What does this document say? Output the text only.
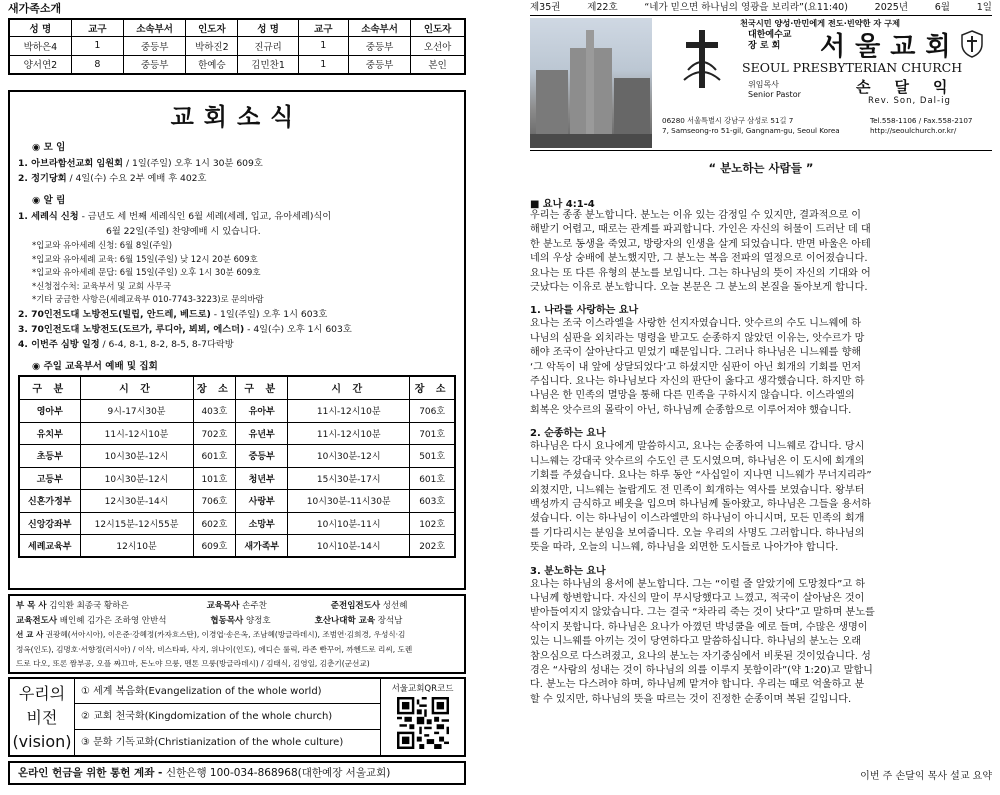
새가족소개
성 명	교구	소속부서	인도자	성 명	교구	소속부서	인도자
박하은4	1	중등부	박하진2	진규리	1	중등부	오선아
양서연2	8	중등부	한예승	김민찬1	1	중등부	본인
교회소식
◉ 모 임
1. 아브라함선교회 임원회 / 1일(주일) 오후 1시 30분 609호
2. 정기당회 / 4일(수) 수요 2부 예배 후 402호
◉ 알 림
1. 세례식 신청 - 금년도 세 번째 세례식인 6월 세례(세례, 입교, 유아세례)식이
6월 22일(주일) 찬양예배 시 있습니다.
*입교와 유아세례 신청: 6월 8일(주일)
*입교와 유아세례 교육: 6월 15일(주일) 낮 12시 20분 609호
*입교와 유아세례 문답: 6월 15일(주일) 오후 1시 30분 609호
*신청접수처: 교육부서 및 교회 사무국
*기타 궁금한 사항은(세례교육부 010-7743-3223)로 문의바람
2. 70인전도대 노방전도(빌립, 안드레, 베드로) - 1일(주일) 오후 1시 603호
3. 70인전도대 노방전도(도르가, 루디아, 뵈뵈, 에스더) - 4일(수) 오후 1시 603호
4. 이번주 심방 일정 / 6-4, 8-1, 8-2, 8-5, 8-7다락방
◉ 주일 교육부서 예배 및 집회
구 분	시 간	장 소	구 분	시 간	장 소
영아부	9시-17시30분	403호	유아부	11시-12시10분	706호
유치부	11시-12시10분	702호	유년부	11시-12시10분	701호
초등부	10시30분-12시	601호	중등부	10시30분-12시	501호
고등부	10시30분-12시	101호	청년부	15시30분-17시	601호
신혼가정부	12시30분-14시	706호	사랑부	10시30분-11시30분	603호
신앙강좌부	12시15분-12시55분	602호	소망부	10시10분-11시	102호
세례교육부	12시10분	609호	새가족부	10시10분-14시	202호
부 목 사 김익환 최종국 황하은	교육목사 손주찬	준전임전도사 성선혜
교육전도사 배인혜 김가은 조하영 안반석	협동목사 양정호	호산나대학 교육 장석남
선 교 사 권광혜(서아시아), 이은준·강혜정(카자흐스탄), 이경엽·송은옥, 조남혜(방글라데시), 조범연·김희경, 우성식·김
정옥(인도), 김명호·서향정(러시아) / 이삭, 비스타파, 사지, 위나이(인도), 에디슨 룰릭, 라존 빤꾸어, 까헨드로 리씨, 도렌
드로 다오, 또론 짬부공, 오플 짜끄마, 돈노야 므룽, 멘톤 므룽(방글라데시) / 김태식, 김영일, 김춘기(군선교)
우리의
비전
(vision)
① 세계 복음화(Evangelization of the whole world)
② 교회 천국화(Kingdomization of the whole church)
③ 문화 기독교화(Christianization of the whole culture)
서울교회QR코드
온라인 헌금을 위한 통헌 계좌 - 신한은행 100-034-868968(대한예장 서울교회)
제35권	제22호	“네가 믿으면 하나님의 영광을 보리라”(요11:40)	2025년	6월	1일
천국시민 양성·만민에게 전도·빈약한 자 구제
대한예수교
장 로 회	서울교회
SEOUL PRESBYTERIAN CHURCH
위임목사
Senior Pastor	손달익
Rev. Son, Dal-ig
06280 서울특별시 강남구 삼성로 51길 7
7, Samseong-ro 51-gil, Gangnam-gu, Seoul Korea
Tel.558-1106 / Fax.558-2107
http://seoulchurch.or.kr/
“ 분노하는 사람들 ”
■ 요나 4:1-4
우리는 종종 분노합니다. 분노는 이유 있는 감정일 수 있지만, 결과적으로 이
해받기 어렵고, 때로는 관계를 파괴합니다. 가인은 자신의 허물이 드러난 데 대
한 분노로 동생을 죽였고, 방랑자의 인생을 살게 되었습니다. 반면 바울은 아테
네의 우상 숭배에 분노했지만, 그 분노는 복음 전파의 열정으로 이어졌습니다.
요나는 또 다른 유형의 분노를 보입니다. 그는 하나님의 뜻이 자신의 기대와 어
긋났다는 이유로 분노합니다. 오늘 본문은 그 분노의 본질을 돌아보게 합니다.
1. 나라를 사랑하는 요나
요나는 조국 이스라엘을 사랑한 선지자였습니다. 앗수르의 수도 니느웨에 하
나님의 심판을 외치라는 명령을 받고도 순종하지 않았던 이유는, 앗수르가 망
해야 조국이 살아난다고 믿었기 때문입니다. 그러나 하나님은 니느웨를 향해
‘그 악독이 내 앞에 상달되었다’고 하셨지만 심판이 아닌 회개의 기회를 먼저
주십니다. 요나는 하나님보다 자신의 판단이 옳다고 생각했습니다. 하지만 하
나님은 한 민족의 멸망을 통해 다른 민족을 구하시지 않습니다. 이스라엘의
회복은 앗수르의 몰락이 아닌, 하나님께 순종함으로 이루어져야 했습니다.
2. 순종하는 요나
하나님은 다시 요나에게 말씀하시고, 요나는 순종하여 니느웨로 갑니다. 당시
니느웨는 강대국 앗수르의 수도인 큰 도시였으며, 하나님은 이 도시에 회개의
기회를 주셨습니다. 요나는 하루 동안 “사십일이 지나면 니느웨가 무너지리라”
외쳤지만, 니느웨는 놀랍게도 전 민족이 회개하는 역사를 보였습니다. 왕부터
백성까지 금식하고 베옷을 입으며 하나님께 돌아왔고, 하나님은 그들을 용서하
셨습니다. 이는 하나님이 이스라엘만의 하나님이 아니시며, 모든 민족의 회개
를 기다리시는 분임을 보여줍니다. 오늘 우리의 사명도 그러합니다. 하나님의
뜻을 따라, 오늘의 니느웨, 하나님을 외면한 도시들로 나아가야 합니다.
3. 분노하는 요나
요나는 하나님의 용서에 분노합니다. 그는 “이럴 줄 알았기에 도망쳤다”고 하
나님께 항변합니다. 자신의 말이 무시당했다고 느꼈고, 적국이 살아남은 것이
받아들여지지 않았습니다. 그는 결국 “차라리 죽는 것이 낫다”고 말하며 분노를
삭이지 못합니다. 하나님은 요나가 아꼈던 박넝쿨을 예로 들며, 수많은 생명이
있는 니느웨를 아끼는 것이 당연하다고 말씀하십니다. 하나님의 분노는 오래
참으심으로 다스려졌고, 요나의 분노는 자기중심에서 비롯된 것이었습니다. 성
경은 “사람의 성내는 것이 하나님의 의를 이루지 못함이라”(약 1:20)고 말합니
다. 분노는 다스려야 하며, 하나님께 맡겨야 합니다. 우리는 때로 억울하고 분
할 수 있지만, 하나님의 뜻을 따르는 것이 진정한 순종이며 복된 길입니다.
이번 주 손달익 목사 설교 요약
